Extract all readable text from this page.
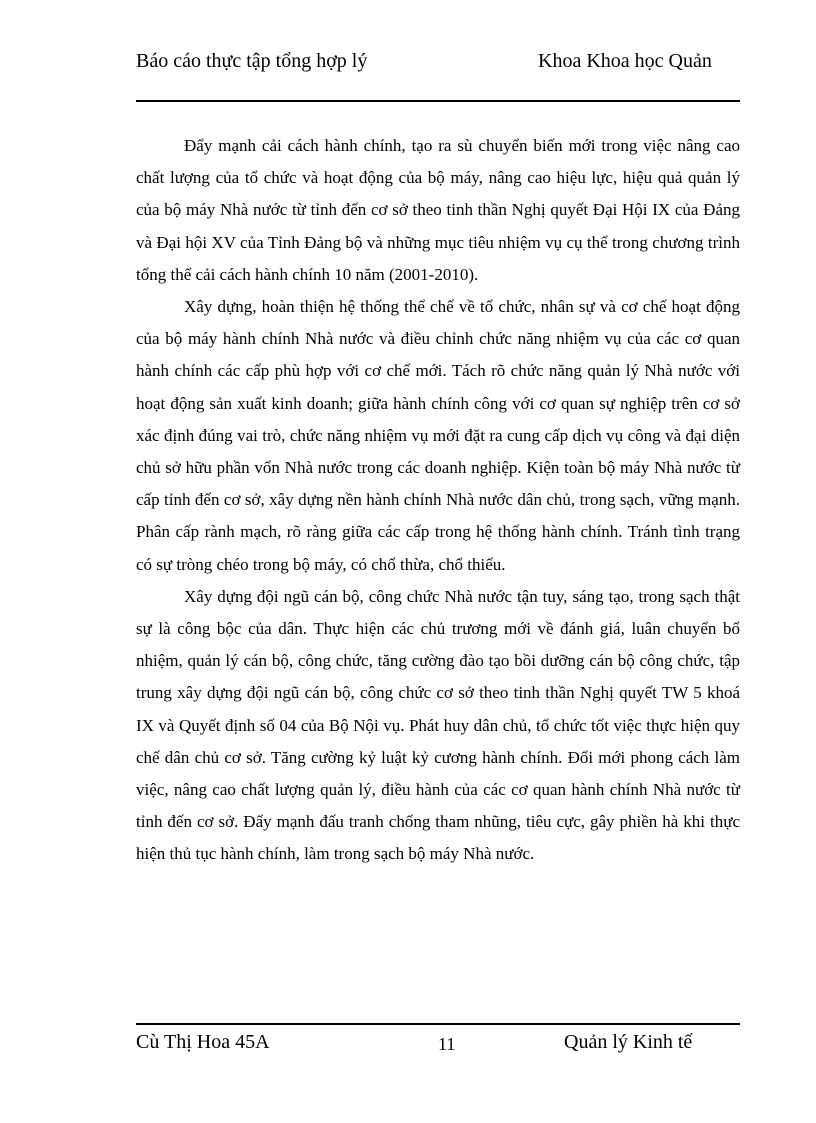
Báo cáo thực tập tổng hợp lý	Khoa Khoa học Quản

Đẩy mạnh cải cách hành chính, tạo ra sù chuyển biến mới trong việc nâng cao chất lượng của tổ chức và hoạt động của bộ máy, nâng cao hiệu lực, hiệu quả quản lý của bộ máy Nhà nước từ tỉnh đến cơ sở theo tinh thần Nghị quyết Đại Hội IX của Đảng và Đại hội XV của Tỉnh Đảng bộ và những mục tiêu nhiệm vụ cụ thể trong chương trình tổng thể cải cách hành chính 10 năm (2001-2010).

Xây dựng, hoàn thiện hệ thống thể chế về tổ chức, nhân sự và cơ chế hoạt động của bộ máy hành chính Nhà nước và điều chỉnh chức năng nhiệm vụ của các cơ quan hành chính các cấp phù hợp với cơ chế mới. Tách rõ chức năng quản lý Nhà nước với hoạt động sản xuất kinh doanh; giữa hành chính công với cơ quan sự nghiệp trên cơ sở xác định đúng vai trò, chức năng nhiệm vụ mới đặt ra cung cấp dịch vụ công và đại diện chủ sở hữu phần vốn Nhà nước trong các doanh nghiệp. Kiện toàn bộ máy Nhà nước từ cấp tỉnh đến cơ sở, xây dựng nền hành chính Nhà nước dân chủ, trong sạch, vững mạnh. Phân cấp rành mạch, rõ ràng giữa các cấp trong hệ thống hành chính. Tránh tình trạng có sự tròng chéo trong bộ máy, có chổ thừa, chổ thiếu.

Xây dựng đội ngũ cán bộ, công chức Nhà nước tận tuy, sáng tạo, trong sạch thật sự là công bộc của dân. Thực hiện các chủ trương mới về đánh giá, luân chuyển bổ nhiệm, quản lý cán bộ, công chức, tăng cường đào tạo bồi dưỡng cán bộ công chức, tập trung xây dựng đội ngũ cán bộ, công chức cơ sở theo tinh thần Nghị quyết TW 5 khoá IX và Quyết định số 04 của Bộ Nội vụ. Phát huy dân chủ, tổ chức tốt việc thực hiện quy chế dân chủ cơ sở. Tăng cường kỷ luật kỷ cương hành chính. Đổi mới phong cách làm việc, nâng cao chất lượng quản lý, điều hành của các cơ quan hành chính Nhà nước từ tỉnh đến cơ sở. Đẩy mạnh đấu tranh chống tham nhũng, tiêu cực, gây phiền hà khi thực hiện thủ tục hành chính, làm trong sạch bộ máy Nhà nước.

Cù Thị Hoa 45A	11	Quản lý Kinh tế
